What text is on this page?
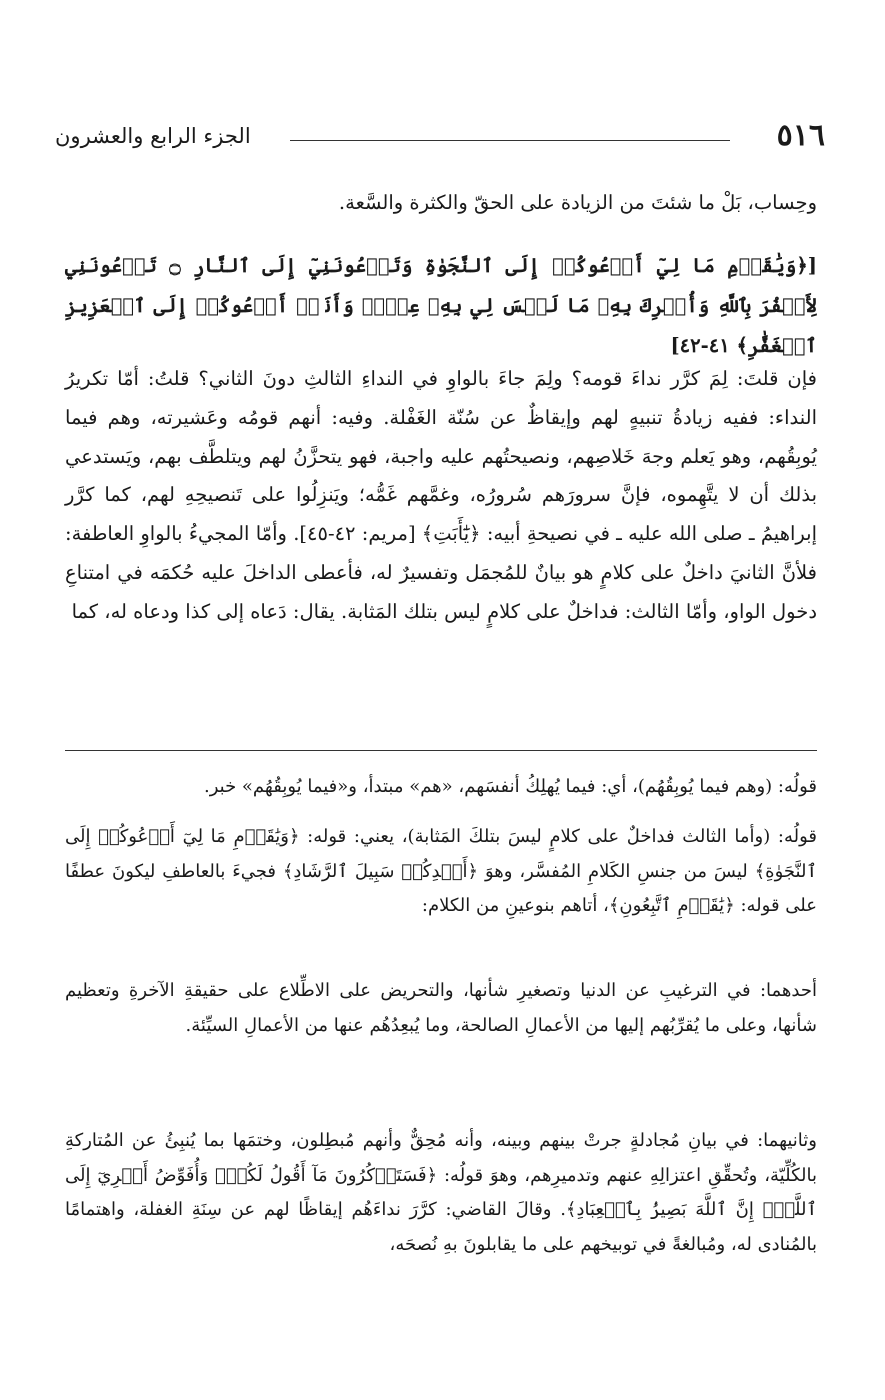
٥١٦
الجزء الرابع والعشرون

وحِساب، بَلْ ما شئتَ من الزيادة على الحقّ والكثرة والسَّعة.

[﴿وَيَٰقَوۡمِ مَا لِيٓ أَدۡعُوكُمۡ إِلَى ٱلنَّجَوٰةِ وَتَدۡعُونَنِيٓ إِلَى ٱلنَّارِ ۝ تَدۡعُونَنِي لِأَكۡفُرَ بِٱللَّهِ وَأُشۡرِكَ بِهِۦ مَا لَيۡسَ لِي بِهِۦ عِلۡمٞ وَأَنَا۠ أَدۡعُوكُمۡ إِلَى ٱلۡعَزِيزِ ٱلۡغَفَّٰرِ﴾ ٤١-٤٢]

فإن قلتَ: لِمَ كرَّر نداءَ قومه؟ ولِمَ جاءَ بالواوِ في النداءِ الثالثِ دونَ الثاني؟ قلتُ: أمّا تكريرُ النداء: ففيه زيادةُ تنبيهٍ لهم وإيقاظٌ عن سُنّة الغَفْلة. وفيه: أنهم قومُه وعَشيرته، وهم فيما يُوبِقُهم، وهو يَعلم وجهَ خَلاصِهم، ونصيحتُهم عليه واجبة، فهو يتحزَّنُ لهم ويتلطَّف بهم، ويَستدعي بذلك أن لا يتَّهِموه، فإنَّ سرورَهم سُرورُه، وغمَّهم غَمُّه؛ ويَنزِلُوا على تَنصيحِهِ لهم، كما كرَّر إبراهيمُ ـ صلى الله عليه ـ في نصيحةِ أبيه: ﴿يَٰٓأَبَتِ﴾ [مريم: ٤٢-٤٥]. وأمّا المجيءُ بالواوِ العاطفة: فلأنَّ الثانيَ داخلٌ على كلامٍ هو بيانٌ للمُجمَل وتفسيرٌ له، فأعطى الداخلَ عليه حُكمَه في امتناعِ دخول الواو، وأمّا الثالث: فداخلٌ على كلامٍ ليس بتلك المَثابة. يقال: دَعاه إلى كذا ودعاه له، كما

قولُه: (وهم فيما يُوبِقُهُم)، أي: فيما يُهلِكُ أنفسَهم، «هم» مبتدأ، و«فيما يُوبِقُهُم» خبر.

قولُه: (وأما الثالث فداخلٌ على كلامٍ ليسَ بتلكَ المَثابة)، يعني: قوله: ﴿وَيَٰقَوۡمِ مَا لِيٓ أَدۡعُوكُمۡ إِلَى ٱلنَّجَوٰةِ﴾ ليسَ من جنسِ الكَلامِ المُفسَّر، وهوَ ﴿أَهۡدِكُمۡ سَبِيلَ ٱلرَّشَادِ﴾ فجيءَ بالعاطفِ ليكونَ عطفًا على قوله: ﴿يَٰقَوۡمِ ٱتَّبِعُونِ﴾، أتاهم بنوعينِ من الكلام:

أحدهما: في الترغيبِ عن الدنيا وتصغيرِ شأنها، والتحريض على الاطِّلاع على حقيقةِ الآخرةِ وتعظيم شأنها، وعلى ما يُقرِّبُهم إليها من الأعمالِ الصالحة، وما يُبعِدُهُم عنها من الأعمالِ السيِّئة.

وثانيهما: في بيانِ مُجادلةٍ جرتْ بينهم وبينه، وأنه مُحِقٌّ وأنهم مُبطِلون، وختمَها بما يُنبِئُ عن المُتاركةِ بالكُلِّيّة، وتُحقِّقِ اعتزالِهِ عنهم وتدميرِهم، وهوَ قولُه: ﴿فَسَتَذۡكُرُونَ مَآ أَقُولُ لَكُمۡۚ وَأُفَوِّضُ أَمۡرِيٓ إِلَى ٱللَّهِۚ إِنَّ ٱللَّهَ بَصِيرُۢ بِٱلۡعِبَادِ﴾. وقالَ القاضي: كرَّرَ نداءَهُم إيقاظًا لهم عن سِنَةِ الغفلة، واهتمامًا بالمُنادى له، ومُبالغةً في توبيخهم على ما يقابلونَ بهِ نُصحَه،
